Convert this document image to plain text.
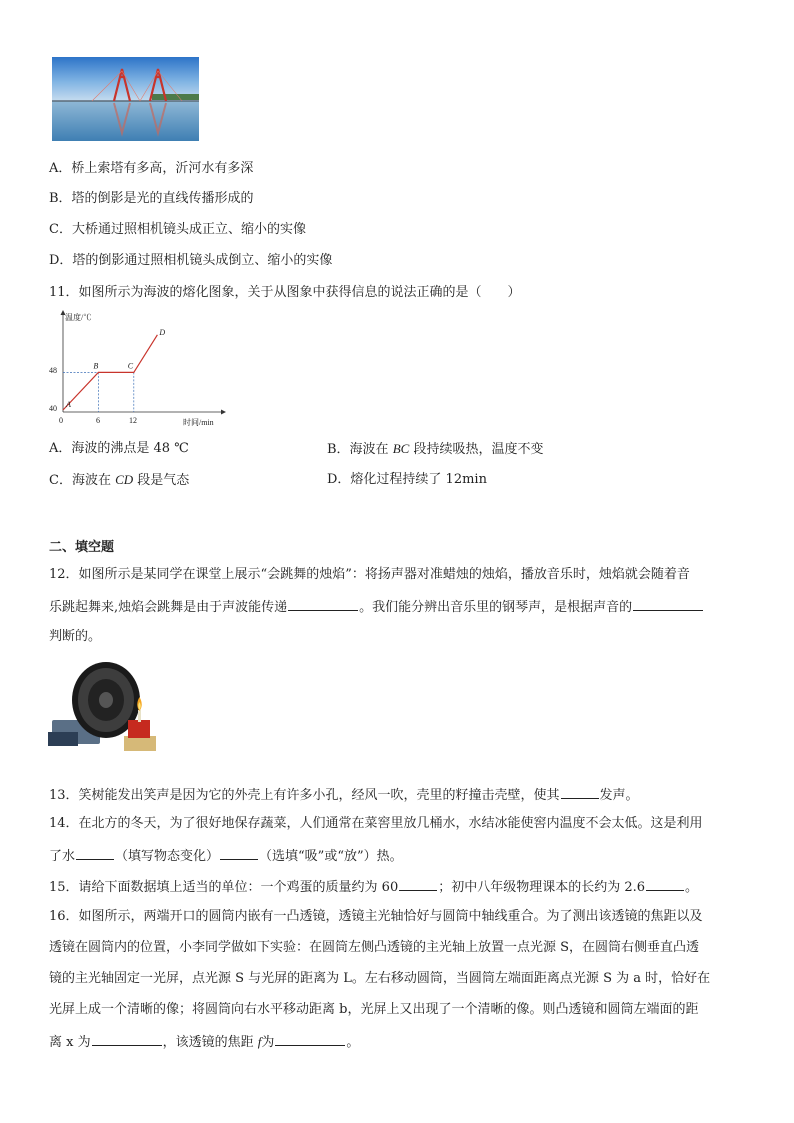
A．桥上索塔有多高，沂河水有多深
B．塔的倒影是光的直线传播形成的
C．大桥通过照相机镜头成正立、缩小的实像
D．塔的倒影通过照相机镜头成倒立、缩小的实像
11．如图所示为海波的熔化图象，关于从图象中获得信息的说法正确的是（　　）
温度/℃
时间/min
0	6	12
40
48
A
B	C
D
A．海波的沸点是 48 ℃	B．海波在 BC 段持续吸热，温度不变
C．海波在 CD 段是气态	D．熔化过程持续了 12min
二、填空题
12．如图所示是某同学在课堂上展示“会跳舞的烛焰”：将扬声器对准蜡烛的烛焰，播放音乐时，烛焰就会随着音
乐跳起舞来,烛焰会跳舞是由于声波能传递	。我们能分辨出音乐里的钢琴声，是根据声音的
判断的。
13．笑树能发出笑声是因为它的外壳上有许多小孔，经风一吹，壳里的籽撞击壳壁，使其	发声。
14．在北方的冬天，为了很好地保存蔬菜，人们通常在菜窖里放几桶水，水结冰能使窖内温度不会太低。这是利用
了水	（填写物态变化）	（选填“吸”或“放”）热。
15．请给下面数据填上适当的单位：一个鸡蛋的质量约为 60	；初中八年级物理课本的长约为 2.6	。
16．如图所示，两端开口的圆筒内嵌有一凸透镜，透镜主光轴恰好与圆筒中轴线重合。为了测出该透镜的焦距以及
透镜在圆筒内的位置，小李同学做如下实验：在圆筒左侧凸透镜的主光轴上放置一点光源 S，在圆筒右侧垂直凸透
镜的主光轴固定一光屏，点光源 S 与光屏的距离为 L。左右移动圆筒，当圆筒左端面距离点光源 S 为 a 时，恰好在
光屏上成一个清晰的像；将圆筒向右水平移动距离 b，光屏上又出现了一个清晰的像。则凸透镜和圆筒左端面的距
离 x 为	，该透镜的焦距 f为	。
